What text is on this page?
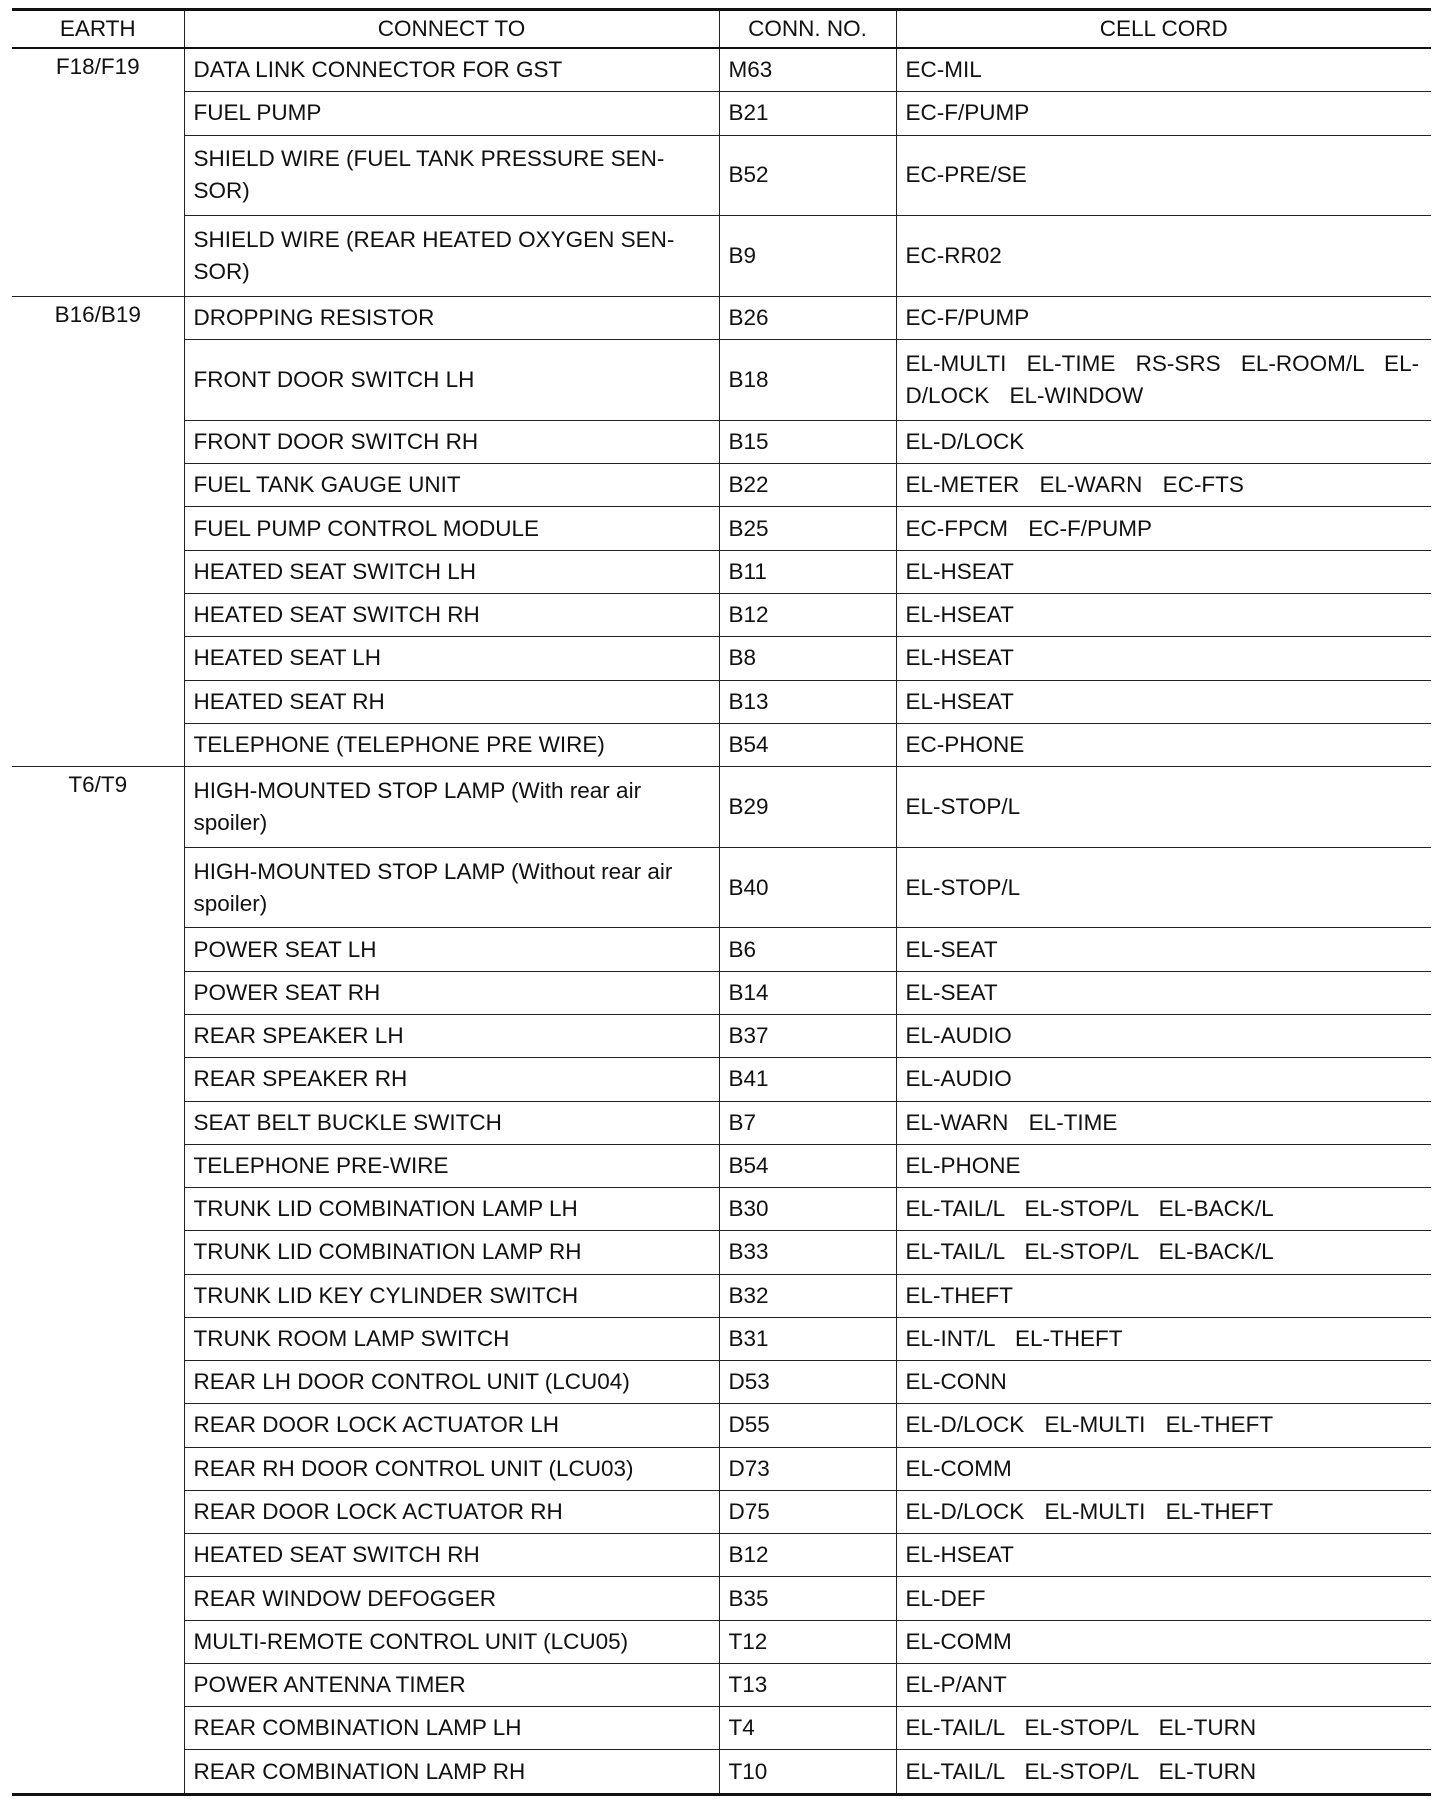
EARTH	CONNECT TO	CONN. NO.	CELL CORD
F18/F19	DATA LINK CONNECTOR FOR GST	M63	EC-MIL
	FUEL PUMP	B21	EC-F/PUMP
	SHIELD WIRE (FUEL TANK PRESSURE SEN-SOR)	B52	EC-PRE/SE
	SHIELD WIRE (REAR HEATED OXYGEN SEN-SOR)	B9	EC-RR02
B16/B19	DROPPING RESISTOR	B26	EC-F/PUMP
	FRONT DOOR SWITCH LH	B18	EL-MULTI EL-TIME RS-SRS EL-ROOM/L EL-D/LOCK EL-WINDOW
	FRONT DOOR SWITCH RH	B15	EL-D/LOCK
	FUEL TANK GAUGE UNIT	B22	EL-METER EL-WARN EC-FTS
	FUEL PUMP CONTROL MODULE	B25	EC-FPCM EC-F/PUMP
	HEATED SEAT SWITCH LH	B11	EL-HSEAT
	HEATED SEAT SWITCH RH	B12	EL-HSEAT
	HEATED SEAT LH	B8	EL-HSEAT
	HEATED SEAT RH	B13	EL-HSEAT
	TELEPHONE (TELEPHONE PRE WIRE)	B54	EC-PHONE
T6/T9	HIGH-MOUNTED STOP LAMP (With rear air spoiler)	B29	EL-STOP/L
	HIGH-MOUNTED STOP LAMP (Without rear air spoiler)	B40	EL-STOP/L
	POWER SEAT LH	B6	EL-SEAT
	POWER SEAT RH	B14	EL-SEAT
	REAR SPEAKER LH	B37	EL-AUDIO
	REAR SPEAKER RH	B41	EL-AUDIO
	SEAT BELT BUCKLE SWITCH	B7	EL-WARN EL-TIME
	TELEPHONE PRE-WIRE	B54	EL-PHONE
	TRUNK LID COMBINATION LAMP LH	B30	EL-TAIL/L EL-STOP/L EL-BACK/L
	TRUNK LID COMBINATION LAMP RH	B33	EL-TAIL/L EL-STOP/L EL-BACK/L
	TRUNK LID KEY CYLINDER SWITCH	B32	EL-THEFT
	TRUNK ROOM LAMP SWITCH	B31	EL-INT/L EL-THEFT
	REAR LH DOOR CONTROL UNIT (LCU04)	D53	EL-CONN
	REAR DOOR LOCK ACTUATOR LH	D55	EL-D/LOCK EL-MULTI EL-THEFT
	REAR RH DOOR CONTROL UNIT (LCU03)	D73	EL-COMM
	REAR DOOR LOCK ACTUATOR RH	D75	EL-D/LOCK EL-MULTI EL-THEFT
	HEATED SEAT SWITCH RH	B12	EL-HSEAT
	REAR WINDOW DEFOGGER	B35	EL-DEF
	MULTI-REMOTE CONTROL UNIT (LCU05)	T12	EL-COMM
	POWER ANTENNA TIMER	T13	EL-P/ANT
	REAR COMBINATION LAMP LH	T4	EL-TAIL/L EL-STOP/L EL-TURN
	REAR COMBINATION LAMP RH	T10	EL-TAIL/L EL-STOP/L EL-TURN
